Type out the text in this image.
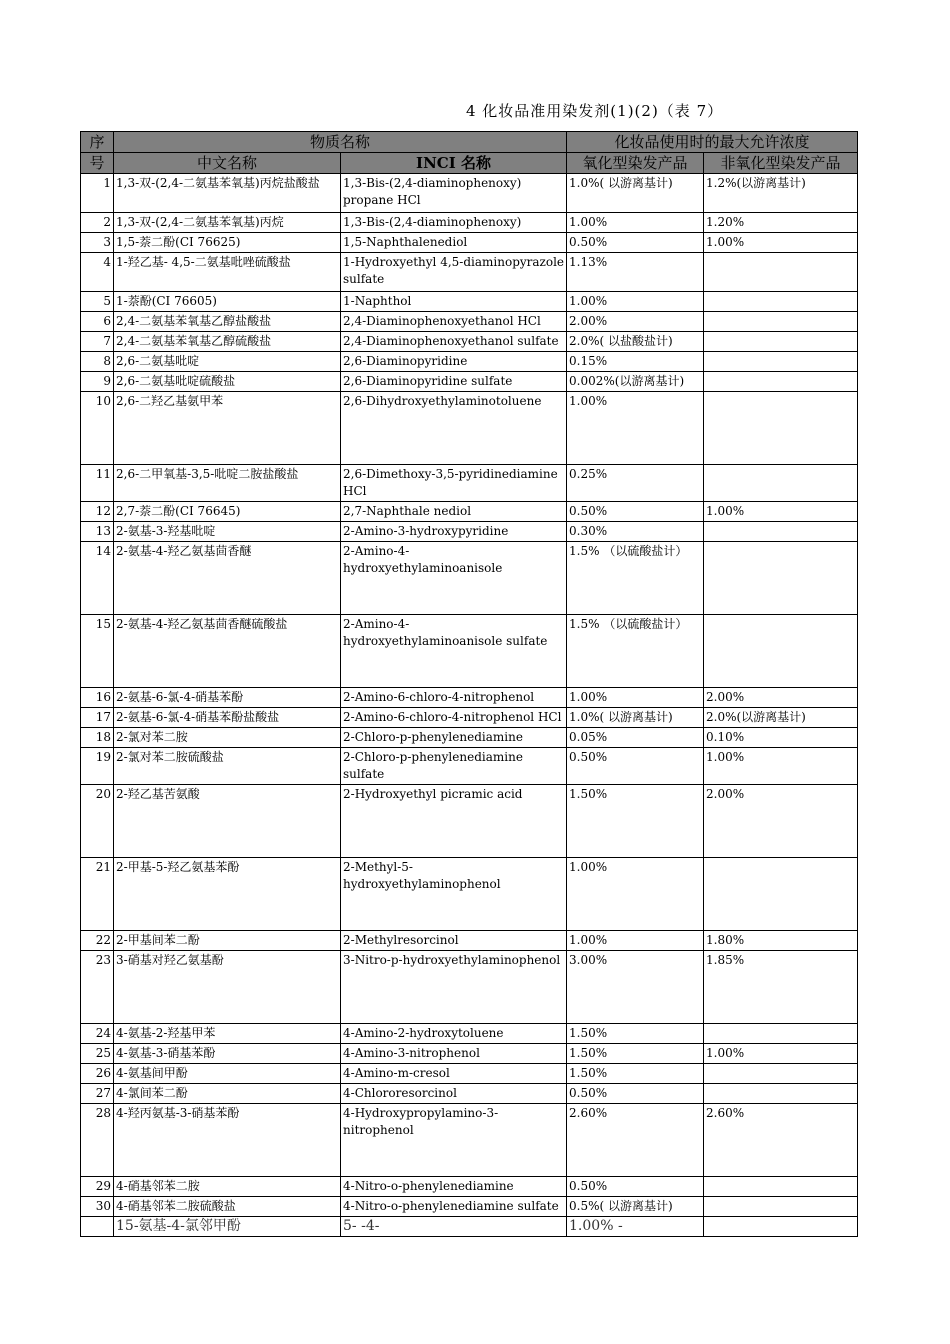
4 化妆品准用染发剂(1)(2)（表 7）
序	物质名称		化妆品使用时的最大允许浓度	
号	中文名称	INCI 名称	氧化型染发产品	非氧化型染发产品
1	1,3-双-(2,4-二氨基苯氧基)丙烷盐酸盐	1,3-Bis-(2,4-diaminophenoxy) propane HCl	1.0%( 以游离基计)	1.2%(以游离基计)
2	1,3-双-(2,4-二氨基苯氧基)丙烷	1,3-Bis-(2,4-diaminophenoxy)	1.00%	1.20%
3	1,5-萘二酚(CI 76625)	1,5-Naphthalenediol	0.50%	1.00%
4	1-羟乙基- 4,5-二氨基吡唑硫酸盐	1-Hydroxyethyl 4,5-diaminopyrazole sulfate	1.13%	
5	1-萘酚(CI 76605)	1-Naphthol	1.00%	
6	2,4-二氨基苯氧基乙醇盐酸盐	2,4-Diaminophenoxyethanol HCl	2.00%	
7	2,4-二氨基苯氧基乙醇硫酸盐	2,4-Diaminophenoxyethanol sulfate	2.0%( 以盐酸盐计)	
8	2,6-二氨基吡啶	2,6-Diaminopyridine	0.15%	
9	2,6-二氨基吡啶硫酸盐	2,6-Diaminopyridine sulfate	0.002%(以游离基计)	
10	2,6-二羟乙基氨甲苯	2,6-Dihydroxyethylaminotoluene	1.00%	
11	2,6-二甲氧基-3,5-吡啶二胺盐酸盐	2,6-Dimethoxy-3,5-pyridinediamine HCl	0.25%	
12	2,7-萘二酚(CI 76645)	2,7-Naphthale nediol	0.50%	1.00%
13	2-氨基-3-羟基吡啶	2-Amino-3-hydroxypyridine	0.30%	
14	2-氨基-4-羟乙氨基茴香醚	2-Amino-4-hydroxyethylaminoanisole	1.5% （以硫酸盐计）	
15	2-氨基-4-羟乙氨基茴香醚硫酸盐	2-Amino-4-hydroxyethylaminoanisole sulfate	1.5% （以硫酸盐计）	
16	2-氨基-6-氯-4-硝基苯酚	2-Amino-6-chloro-4-nitrophenol	1.00%	2.00%
17	2-氨基-6-氯-4-硝基苯酚盐酸盐	2-Amino-6-chloro-4-nitrophenol HCl	1.0%( 以游离基计)	2.0%(以游离基计)
18	2-氯对苯二胺	2-Chloro-p-phenylenediamine	0.05%	0.10%
19	2-氯对苯二胺硫酸盐	2-Chloro-p-phenylenediamine sulfate	0.50%	1.00%
20	2-羟乙基苦氨酸	2-Hydroxyethyl picramic acid	1.50%	2.00%
21	2-甲基-5-羟乙氨基苯酚	2-Methyl-5-hydroxyethylaminophenol	1.00%	
22	2-甲基间苯二酚	2-Methylresorcinol	1.00%	1.80%
23	3-硝基对羟乙氨基酚	3-Nitro-p-hydroxyethylaminophenol	3.00%	1.85%
24	4-氨基-2-羟基甲苯	4-Amino-2-hydroxytoluene	1.50%	
25	4-氨基-3-硝基苯酚	4-Amino-3-nitrophenol	1.50%	1.00%
26	4-氨基间甲酚	4-Amino-m-cresol	1.50%	
27	4-氯间苯二酚	4-Chlororesorcinol	0.50%	
28	4-羟丙氨基-3-硝基苯酚	4-Hydroxypropylamino-3-nitrophenol	2.60%	2.60%
29	4-硝基邻苯二胺	4-Nitro-o-phenylenediamine	0.50%	
30	4-硝基邻苯二胺硫酸盐	4-Nitro-o-phenylenediamine sulfate	0.5%( 以游离基计)	
	15-氨基-4-氯邻甲酚	5- -4-	1.00% -	
